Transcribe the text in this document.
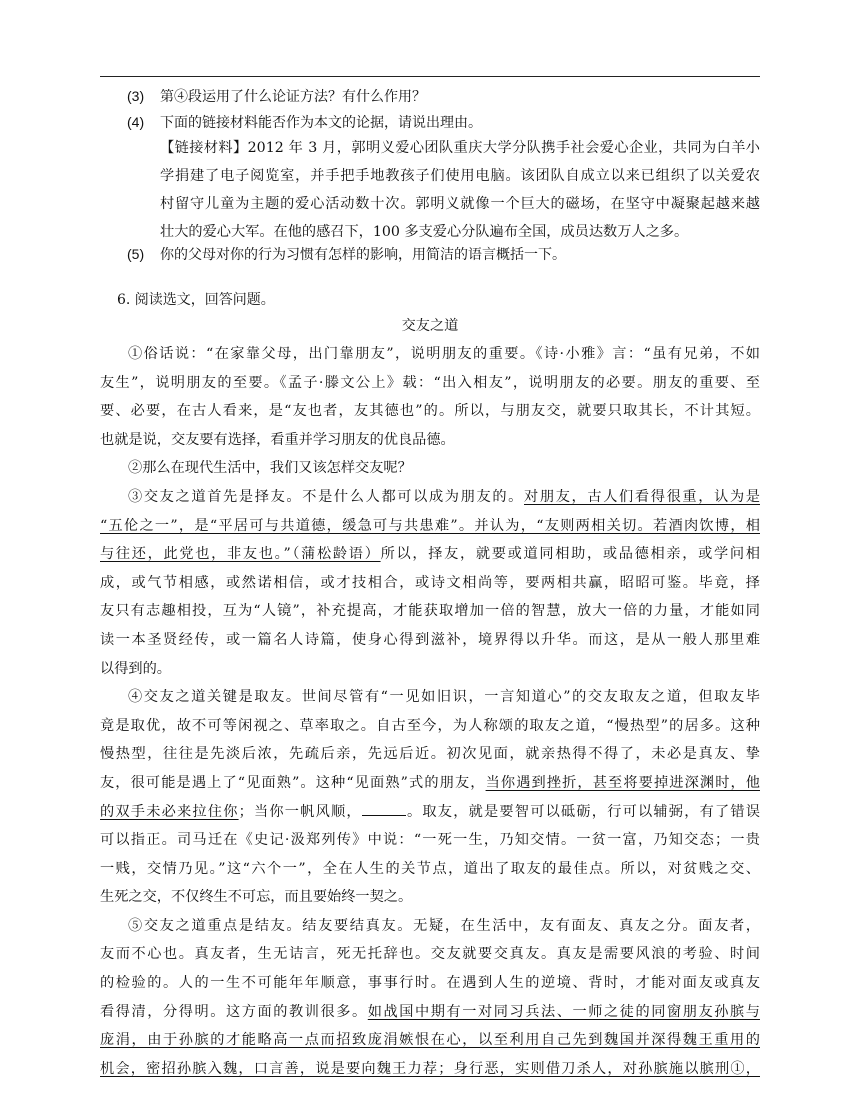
(3) 第④段运用了什么论证方法？有什么作用？
(4) 下面的链接材料能否作为本文的论据，请说出理由。
【链接材料】2012 年 3 月，郭明义爱心团队重庆大学分队携手社会爱心企业，共同为白羊小
学捐建了电子阅览室，并手把手地教孩子们使用电脑。该团队自成立以来已组织了以关爱农
村留守儿童为主题的爱心活动数十次。郭明义就像一个巨大的磁场，在坚守中凝聚起越来越
壮大的爱心大军。在他的感召下，100 多支爱心分队遍布全国，成员达数万人之多。
(5) 你的父母对你的行为习惯有怎样的影响，用简洁的语言概括一下。
6. 阅读选文，回答问题。
交友之道
①俗话说：“在家靠父母，出门靠朋友”，说明朋友的重要。《诗·小雅》言：“虽有兄弟，不如
友生”，说明朋友的至要。《孟子·滕文公上》载：“出入相友”，说明朋友的必要。朋友的重要、至
要、必要，在古人看来，是“友也者，友其德也”的。所以，与朋友交，就要只取其长，不计其短。
也就是说，交友要有选择，看重并学习朋友的优良品德。
②那么在现代生活中，我们又该怎样交友呢？
③交友之道首先是择友。不是什么人都可以成为朋友的。对朋友，古人们看得很重，认为是
“五伦之一”，是“平居可与共道德，缓急可与共患难”。并认为，“友则两相关切。若酒肉饮博，相
与往还，此党也，非友也。”（蒲松龄语）所以，择友，就要或道同相助，或品德相亲，或学问相
成，或气节相感，或然诺相信，或才技相合，或诗文相尚等，要两相共赢，昭昭可鉴。毕竟，择
友只有志趣相投，互为“人镜”，补充提高，才能获取增加一倍的智慧，放大一倍的力量，才能如同
读一本圣贤经传，或一篇名人诗篇，使身心得到滋补，境界得以升华。而这，是从一般人那里难
以得到的。
④交友之道关键是取友。世间尽管有“一见如旧识，一言知道心”的交友取友之道，但取友毕
竟是取优，故不可等闲视之、草率取之。自古至今，为人称颂的取友之道，“慢热型”的居多。这种
慢热型，往往是先淡后浓，先疏后亲，先远后近。初次见面，就亲热得不得了，未必是真友、挚
友，很可能是遇上了“见面熟”。这种“见面熟”式的朋友，当你遇到挫折，甚至将要掉进深渊时，他
的双手未必来拉住你；当你一帆风顺，	。取友，就是要智可以砥砺，行可以辅弼，有了错误
可以指正。司马迁在《史记·汲郑列传》中说：“一死一生，乃知交情。一贫一富，乃知交态；一贵
一贱，交情乃见。”这“六个一”，全在人生的关节点，道出了取友的最佳点。所以，对贫贱之交、
生死之交，不仅终生不可忘，而且要始终一契之。
⑤交友之道重点是结友。结友要结真友。无疑，在生活中，友有面友、真友之分。面友者，
友而不心也。真友者，生无诘言，死无托辞也。交友就要交真友。真友是需要风浪的考验、时间
的检验的。人的一生不可能年年顺意，事事行时。在遇到人生的逆境、背时，才能对面友或真友
看得清，分得明。这方面的教训很多。如战国中期有一对同习兵法、一师之徒的同窗朋友孙膑与
庞涓，由于孙膑的才能略高一点而招致庞涓嫉恨在心，以至利用自己先到魏国并深得魏王重用的
机会，密招孙膑入魏，口言善，说是要向魏王力荐；身行恶，实则借刀杀人，对孙膑施以膑刑①，
